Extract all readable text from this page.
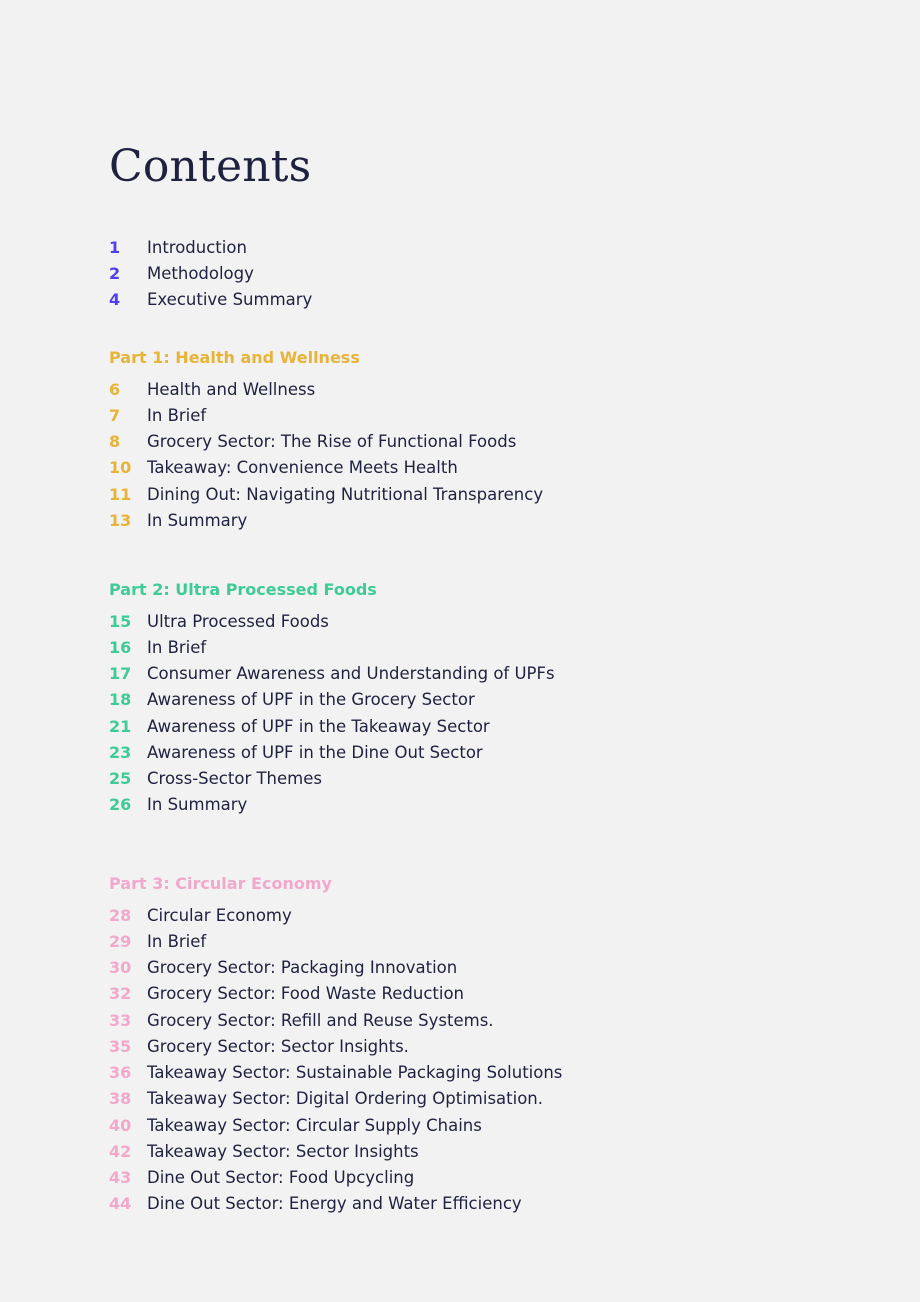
Contents
1	Introduction
2	Methodology
4	Executive Summary
Part 1: Health and Wellness
6	Health and Wellness
7	In Brief
8	Grocery Sector: The Rise of Functional Foods
10 Takeaway: Convenience Meets Health
11 Dining Out: Navigating Nutritional Transparency
13 In Summary
Part 2: Ultra Processed Foods
15 Ultra Processed Foods
16 In Brief
17 Consumer Awareness and Understanding of UPFs
18 Awareness of UPF in the Grocery Sector
21 Awareness of UPF in the Takeaway Sector
23 Awareness of UPF in the Dine Out Sector
25 Cross-Sector Themes
26 In Summary
Part 3: Circular Economy
28 Circular Economy
29 In Brief
30 Grocery Sector: Packaging Innovation
32 Grocery Sector: Food Waste Reduction
33 Grocery Sector: Refill and Reuse Systems.
35 Grocery Sector: Sector Insights.
36 Takeaway Sector: Sustainable Packaging Solutions
38 Takeaway Sector: Digital Ordering Optimisation.
40 Takeaway Sector: Circular Supply Chains
42 Takeaway Sector: Sector Insights
43 Dine Out Sector: Food Upcycling
44 Dine Out Sector: Energy and Water Efficiency
